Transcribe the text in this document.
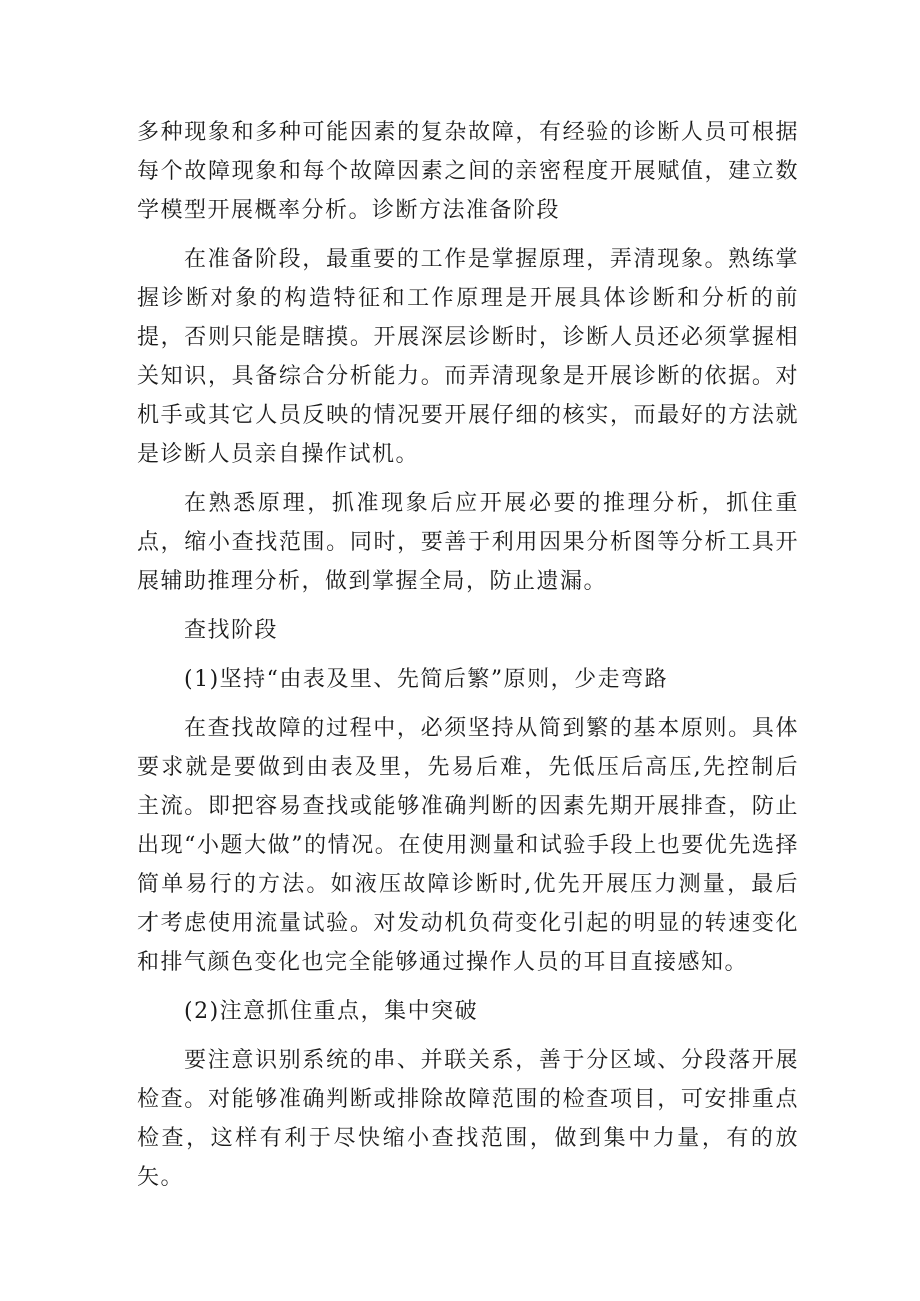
多种现象和多种可能因素的复杂故障，有经验的诊断人员可根据每个故障现象和每个故障因素之间的亲密程度开展赋值，建立数学模型开展概率分析。诊断方法准备阶段

在准备阶段，最重要的工作是掌握原理，弄清现象。熟练掌握诊断对象的构造特征和工作原理是开展具体诊断和分析的前提，否则只能是瞎摸。开展深层诊断时，诊断人员还必须掌握相关知识，具备综合分析能力。而弄清现象是开展诊断的依据。对机手或其它人员反映的情况要开展仔细的核实，而最好的方法就是诊断人员亲自操作试机。

在熟悉原理，抓准现象后应开展必要的推理分析，抓住重点，缩小查找范围。同时，要善于利用因果分析图等分析工具开展辅助推理分析，做到掌握全局，防止遗漏。

查找阶段

(1)坚持“由表及里、先简后繁”原则，少走弯路

在查找故障的过程中，必须坚持从简到繁的基本原则。具体要求就是要做到由表及里，先易后难，先低压后高压,先控制后主流。即把容易查找或能够准确判断的因素先期开展排查，防止出现“小题大做”的情况。在使用测量和试验手段上也要优先选择简单易行的方法。如液压故障诊断时,优先开展压力测量，最后才考虑使用流量试验。对发动机负荷变化引起的明显的转速变化和排气颜色变化也完全能够通过操作人员的耳目直接感知。

(2)注意抓住重点，集中突破

要注意识别系统的串、并联关系，善于分区域、分段落开展检查。对能够准确判断或排除故障范围的检查项目，可安排重点检查，这样有利于尽快缩小查找范围，做到集中力量，有的放矢。
